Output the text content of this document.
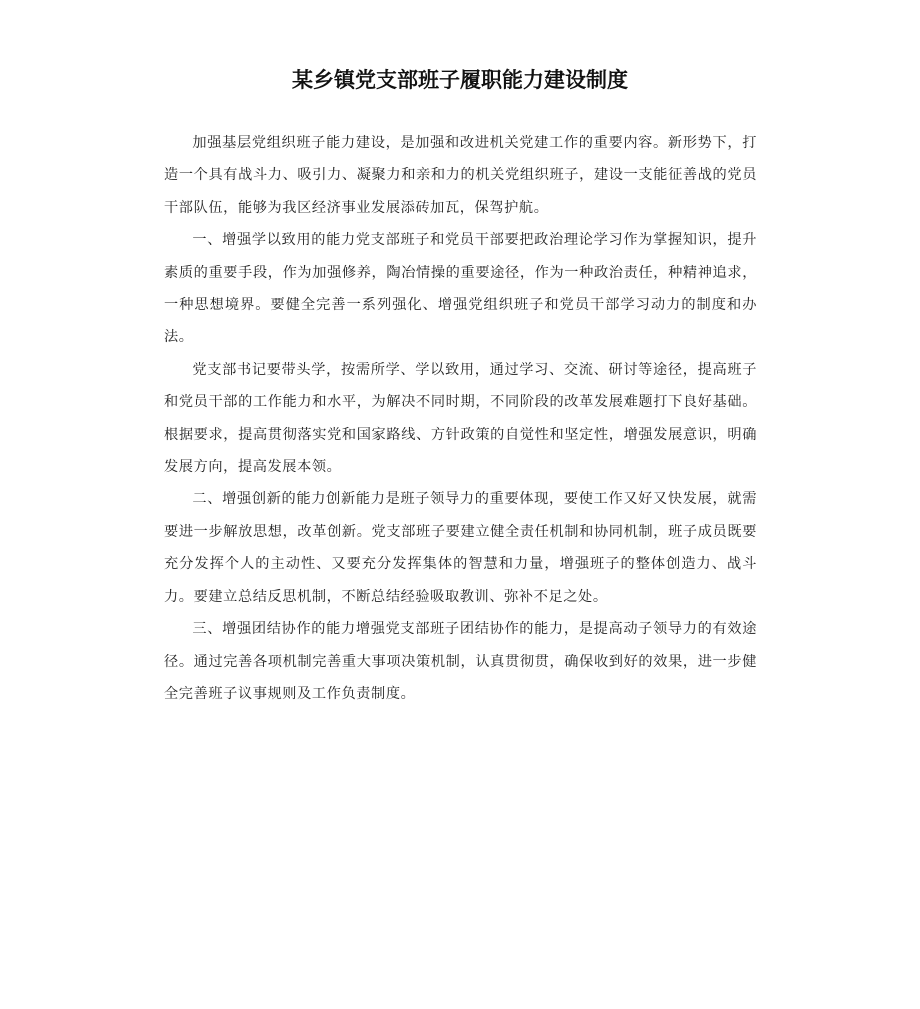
某乡镇党支部班子履职能力建设制度

加强基层党组织班子能力建设，是加强和改进机关党建工作的重要内容。新形势下，打造一个具有战斗力、吸引力、凝聚力和亲和力的机关党组织班子，建设一支能征善战的党员干部队伍，能够为我区经济事业发展添砖加瓦，保驾护航。

一、增强学以致用的能力党支部班子和党员干部要把政治理论学习作为掌握知识，提升素质的重要手段，作为加强修养，陶冶情操的重要途径，作为一种政治责任，种精神追求，一种思想境界。要健全完善一系列强化、增强党组织班子和党员干部学习动力的制度和办法。

党支部书记要带头学，按需所学、学以致用，通过学习、交流、研讨等途径，提高班子和党员干部的工作能力和水平，为解决不同时期，不同阶段的改革发展难题打下良好基础。根据要求，提高贯彻落实党和国家路线、方针政策的自觉性和坚定性，增强发展意识，明确发展方向，提高发展本领。

二、增强创新的能力创新能力是班子领导力的重要体现，要使工作又好又快发展，就需要进一步解放思想，改革创新。党支部班子要建立健全责任机制和协同机制，班子成员既要充分发挥个人的主动性、又要充分发挥集体的智慧和力量，增强班子的整体创造力、战斗力。要建立总结反思机制，不断总结经验吸取教训、弥补不足之处。

三、增强团结协作的能力增强党支部班子团结协作的能力，是提高动子领导力的有效途径。通过完善各项机制完善重大事项决策机制，认真贯彻贯，确保收到好的效果，进一步健全完善班子议事规则及工作负责制度。
